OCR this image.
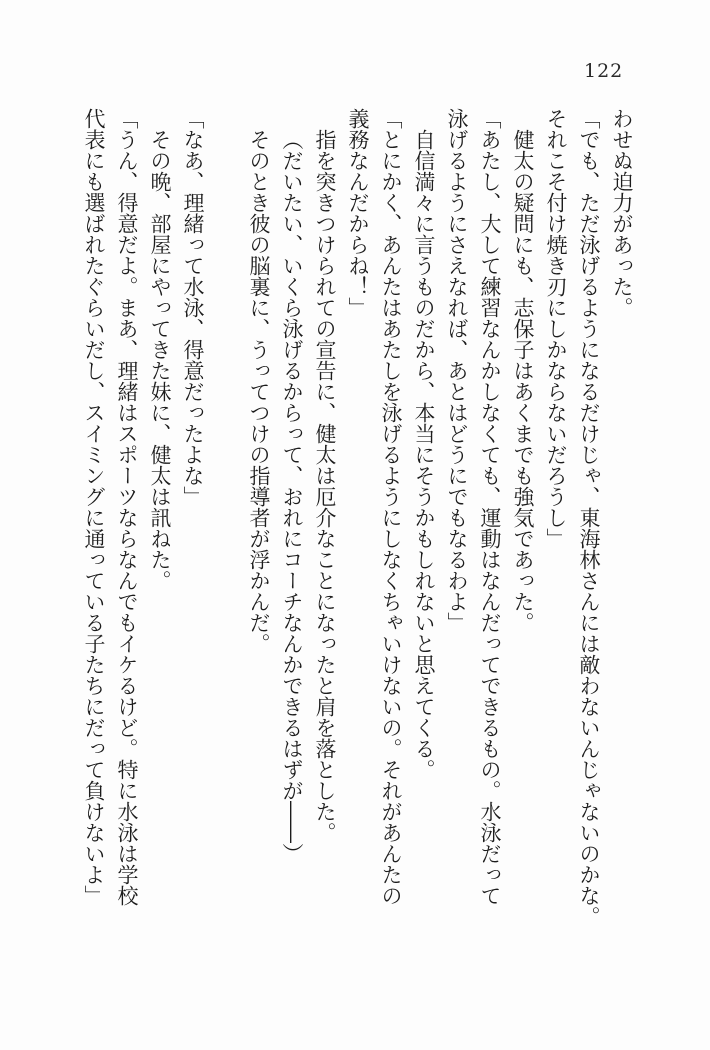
122

わせぬ迫力があった。

「でも、ただ泳げるようになるだけじゃ、東海林さんには敵わないんじゃないのかな。

それこそ付け焼き刃にしかならないだろうし」

健太の疑問にも、志保子はあくまでも強気であった。

「あたし、大して練習なんかしなくても、運動はなんだってできるもの。水泳だって

泳げるようにさえなれば、あとはどうにでもなるわよ」

自信満々に言うものだから、本当にそうかもしれないと思えてくる。

「とにかく、あんたはあたしを泳げるようにしなくちゃいけないの。それがあんたの

義務なんだからね！」

指を突きつけられての宣告に、健太は厄介なことになったと肩を落とした。

（だいたい、いくら泳げるからって、おれにコーチなんかできるはずが――）

そのとき彼の脳裏に、うってつけの指導者が浮かんだ。

「なあ、理緒って水泳、得意だったよな」

その晩、部屋にやってきた妹に、健太は訊ねた。

「うん、得意だよ。まあ、理緒はスポーツならなんでもイケるけど。特に水泳は学校

代表にも選ばれたぐらいだし、スイミングに通っている子たちにだって負けないよ」
